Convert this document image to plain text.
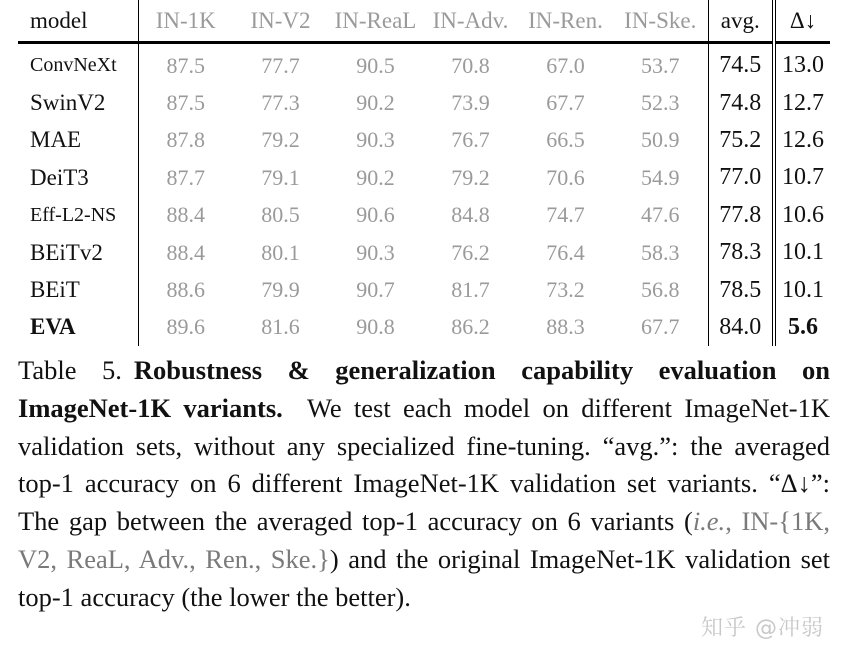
model	IN-1K	IN-V2	IN-ReaL	IN-Adv.	IN-Ren.	IN-Ske.	avg.	Δ↓
ConvNeXt	87.5	77.7	90.5	70.8	67.0	53.7	74.5	13.0
SwinV2	87.5	77.3	90.2	73.9	67.7	52.3	74.8	12.7
MAE	87.8	79.2	90.3	76.7	66.5	50.9	75.2	12.6
DeiT3	87.7	79.1	90.2	79.2	70.6	54.9	77.0	10.7
Eff-L2-NS	88.4	80.5	90.6	84.8	74.7	47.6	77.8	10.6
BEiTv2	88.4	80.1	90.3	76.2	76.4	58.3	78.3	10.1
BEiT	88.6	79.9	90.7	81.7	73.2	56.8	78.5	10.1
EVA	89.6	81.6	90.8	86.2	88.3	67.7	84.0	5.6
Table 5. Robustness & generalization capability evaluation on ImageNet-1K variants. We test each model on different ImageNet-1K validation sets, without any specialized fine-tuning. “avg.”: the averaged top-1 accuracy on 6 different ImageNet-1K validation set variants. “Δ↓”: The gap between the averaged top-1 accuracy on 6 variants (i.e., IN-{1K, V2, ReaL, Adv., Ren., Ske.}) and the original ImageNet-1K validation set top-1 accuracy (the lower the better).
知乎 @冲弱
